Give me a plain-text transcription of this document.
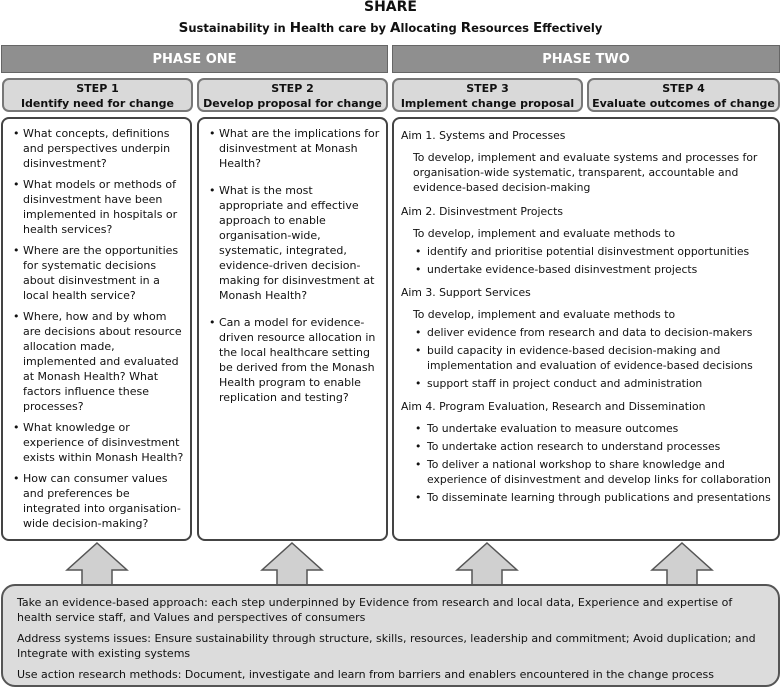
SHARE
Sustainability in Health care by Allocating Resources Effectively
PHASE ONE	PHASE TWO
STEP 1
Identify need for change
STEP 2
Develop proposal for change
STEP 3
Implement change proposal
STEP 4
Evaluate outcomes of change
• What concepts, definitions and perspectives underpin disinvestment?
• What models or methods of disinvestment have been implemented in hospitals or health services?
• Where are the opportunities for systematic decisions about disinvestment in a local health service?
• Where, how and by whom are decisions about resource allocation made, implemented and evaluated at Monash Health? What factors influence these processes?
• What knowledge or experience of disinvestment exists within Monash Health?
• How can consumer values and preferences be integrated into organisation-wide decision-making?
• What are the implications for disinvestment at Monash Health?
• What is the most appropriate and effective approach to enable organisation-wide, systematic, integrated, evidence-driven decision-making for disinvestment at Monash Health?
• Can a model for evidence-driven resource allocation in the local healthcare setting be derived from the Monash Health program to enable replication and testing?

Aim 1. Systems and Processes

To develop, implement and evaluate systems and processes for organisation-wide systematic, transparent, accountable and evidence-based decision-making

Aim 2. Disinvestment Projects

To develop, implement and evaluate methods to

• identify and prioritise potential disinvestment opportunities
• undertake evidence-based disinvestment projects

Aim 3. Support Services

To develop, implement and evaluate methods to

• deliver evidence from research and data to decision-makers
• build capacity in evidence-based decision-making and implementation and evaluation of evidence-based decisions
• support staff in project conduct and administration

Aim 4. Program Evaluation, Research and Dissemination

• To undertake evaluation to measure outcomes
• To undertake action research to understand processes
• To deliver a national workshop to share knowledge and experience of disinvestment and develop links for collaboration
• To disseminate learning through publications and presentations

Take an evidence-based approach: each step underpinned by Evidence from research and local data, Experience and expertise of health service staff, and Values and perspectives of consumers

Address systems issues: Ensure sustainability through structure, skills, resources, leadership and commitment; Avoid duplication; and Integrate with existing systems

Use action research methods: Document, investigate and learn from barriers and enablers encountered in the change process
